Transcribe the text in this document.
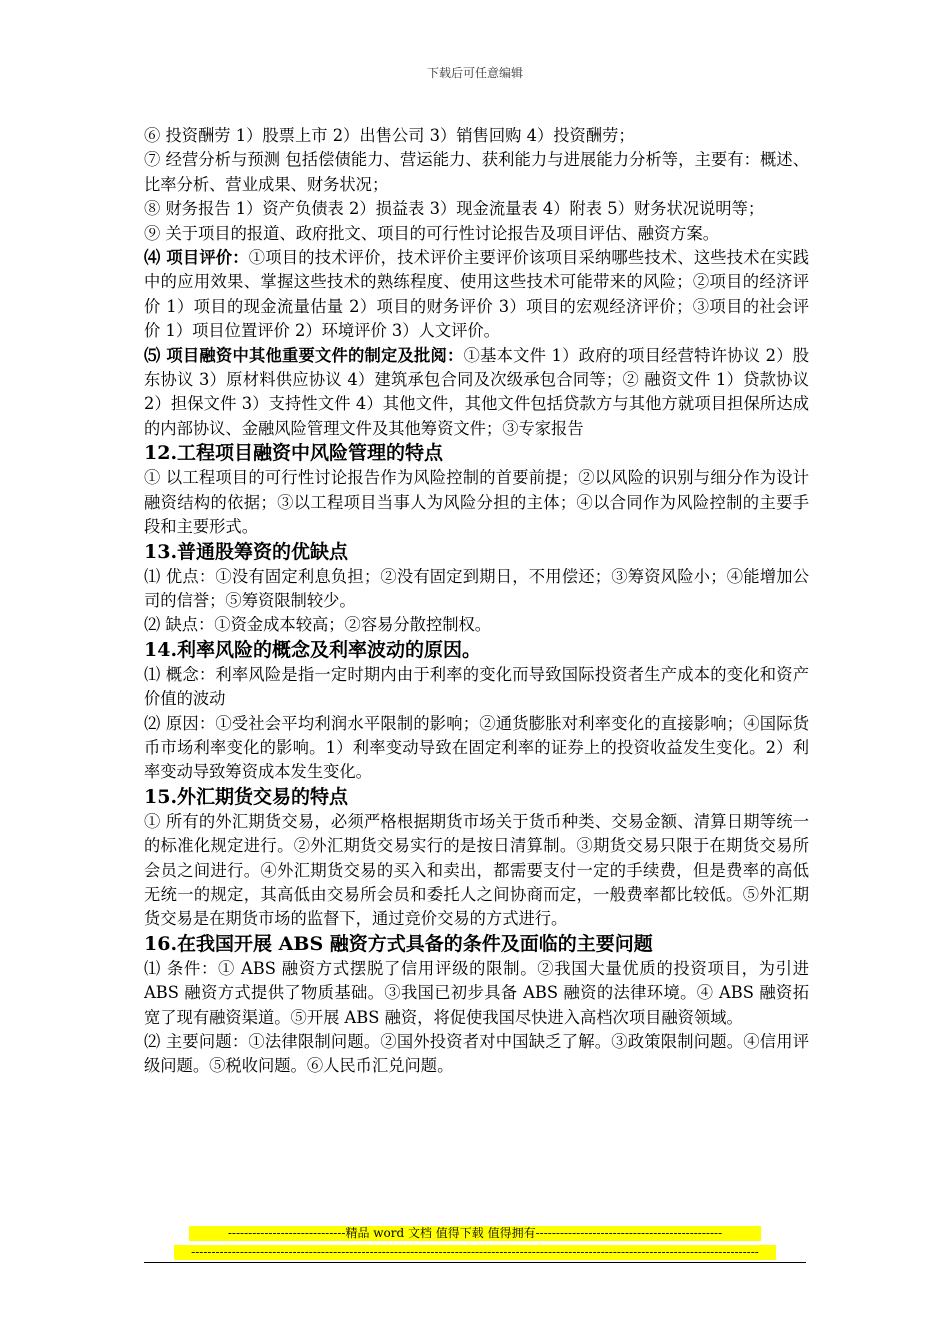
下载后可任意编辑
⑥ 投资酬劳 1）股票上市 2）出售公司 3）销售回购 4）投资酬劳；
⑦ 经营分析与预测 包括偿债能力、营运能力、获利能力与进展能力分析等，主要有：概述、比率分析、营业成果、财务状况；
⑧ 财务报告 1）资产负债表 2）损益表 3）现金流量表 4）附表 5）财务状况说明等；
⑨ 关于项目的报道、政府批文、项目的可行性讨论报告及项目评估、融资方案。
⑷ 项目评价：①项目的技术评价，技术评价主要评价该项目采纳哪些技术、这些技术在实践中的应用效果、掌握这些技术的熟练程度、使用这些技术可能带来的风险；②项目的经济评价 1）项目的现金流量估量 2）项目的财务评价 3）项目的宏观经济评价；③项目的社会评价 1）项目位置评价 2）环境评价 3）人文评价。
⑸ 项目融资中其他重要文件的制定及批阅：①基本文件 1）政府的项目经营特许协议 2）股东协议 3）原材料供应协议 4）建筑承包合同及次级承包合同等；② 融资文件 1）贷款协议 2）担保文件 3）支持性文件 4）其他文件，其他文件包括贷款方与其他方就项目担保所达成的内部协议、金融风险管理文件及其他筹资文件；③专家报告
12.工程项目融资中风险管理的特点
① 以工程项目的可行性讨论报告作为风险控制的首要前提；②以风险的识别与细分作为设计融资结构的依据；③以工程项目当事人为风险分担的主体；④以合同作为风险控制的主要手段和主要形式。
13.普通股筹资的优缺点
⑴ 优点：①没有固定利息负担；②没有固定到期日，不用偿还；③筹资风险小；④能增加公司的信誉；⑤筹资限制较少。
⑵ 缺点：①资金成本较高；②容易分散控制权。
14.利率风险的概念及利率波动的原因。
⑴ 概念：利率风险是指一定时期内由于利率的变化而导致国际投资者生产成本的变化和资产价值的波动
⑵ 原因：①受社会平均利润水平限制的影响；②通货膨胀对利率变化的直接影响；④国际货币市场利率变化的影响。1）利率变动导致在固定利率的证券上的投资收益发生变化。2）利率变动导致筹资成本发生变化。
15.外汇期货交易的特点
① 所有的外汇期货交易，必须严格根据期货市场关于货币种类、交易金额、清算日期等统一的标准化规定进行。②外汇期货交易实行的是按日清算制。③期货交易只限于在期货交易所会员之间进行。④外汇期货交易的买入和卖出，都需要支付一定的手续费，但是费率的高低无统一的规定，其高低由交易所会员和委托人之间协商而定，一般费率都比较低。⑤外汇期货交易是在期货市场的监督下，通过竞价交易的方式进行。
16.在我国开展 ABS 融资方式具备的条件及面临的主要问题
⑴ 条件：① ABS 融资方式摆脱了信用评级的限制。②我国大量优质的投资项目，为引进 ABS 融资方式提供了物质基础。③我国已初步具备 ABS 融资的法律环境。④ ABS 融资拓宽了现有融资渠道。⑤开展 ABS 融资，将促使我国尽快进入高档次项目融资领域。
⑵ 主要问题：①法律限制问题。②国外投资者对中国缺乏了解。③政策限制问题。④信用评级问题。⑤税收问题。⑥人民币汇兑问题。
-----------------------------精品 word 文档 值得下载 值得拥有----------------------------------------------
--------------------------------------------------------------------------------------------------------------------------------------------
